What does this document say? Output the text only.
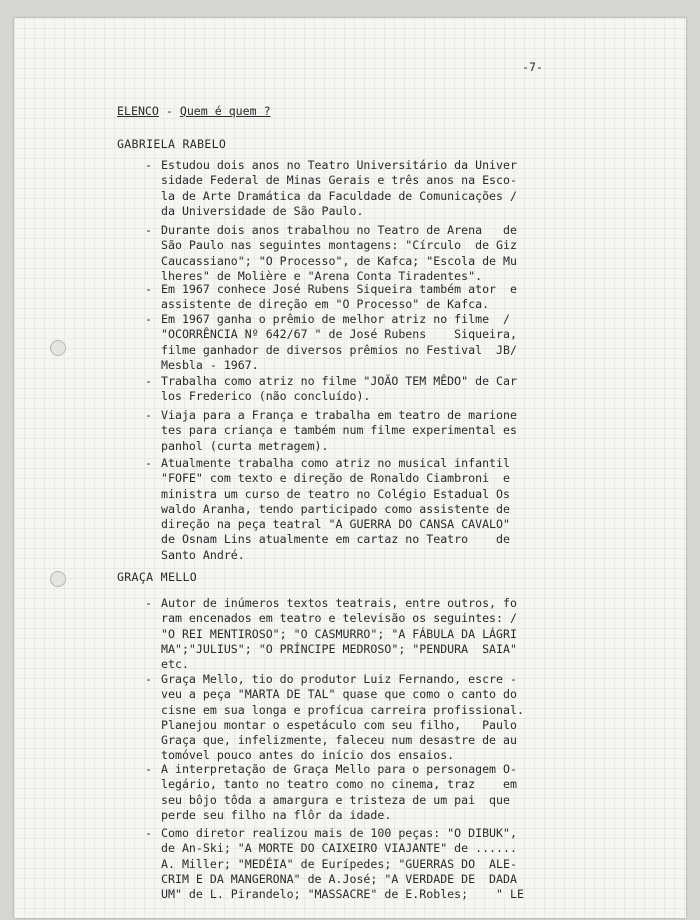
-7-
ELENCO - Quem é quem ?
GABRIELA RABELO

-

Estudou dois anos no Teatro Universitário da Univer
sidade Federal de Minas Gerais e três anos na Esco-
la de Arte Dramática da Faculdade de Comunicações /
da Universidade de São Paulo.

-

Durante dois anos trabalhou no Teatro de Arena   de
São Paulo nas seguintes montagens: "Círculo  de Giz
Caucassiano"; "O Processo", de Kafca; "Escola de Mu
lheres" de Molière e "Arena Conta Tiradentes".

-

Em 1967 conhece José Rubens Siqueira também ator  e
assistente de direção em "O Processo" de Kafca.

-

Em 1967 ganha o prêmio de melhor atriz no filme  /
"OCORRÊNCIA Nº 642/67 " de José Rubens    Siqueira,
filme ganhador de diversos prêmios no Festival  JB/
Mesbla - 1967.

-

Trabalha como atriz no filme "JOÃO TEM MÊDO" de Car
los Frederico (não concluído).

-

Viaja para a França e trabalha em teatro de marione
tes para criança e também num filme experimental es
panhol (curta metragem).

-

Atualmente trabalha como atriz no musical infantil
"FOFE" com texto e direção de Ronaldo Ciambroni  e
ministra um curso de teatro no Colégio Estadual Os
waldo Aranha, tendo participado como assistente de
direção na peça teatral "A GUERRA DO CANSA CAVALO"
de Osnam Lins atualmente em cartaz no Teatro    de
Santo André.

GRAÇA MELLO

-

Autor de inúmeros textos teatrais, entre outros, fo
ram encenados em teatro e televisão os seguintes: /
"O REI MENTIROSO"; "O CASMURRO"; "A FÁBULA DA LÁGRI
MA";"JULIUS"; "O PRÍNCIPE MEDROSO"; "PENDURA  SAIA"
etc.

-

Graça Mello, tio do produtor Luiz Fernando, escre -
veu a peça "MARTA DE TAL" quase que como o canto do
cisne em sua longa e profícua carreira profissional.
Planejou montar o espetáculo com seu filho,   Paulo
Graça que, infelizmente, faleceu num desastre de au
tomóvel pouco antes do início dos ensaios.

-

A interpretação de Graça Mello para o personagem O-
legário, tanto no teatro como no cinema, traz    em
seu bôjo tôda a amargura e tristeza de um pai  que
perde seu filho na flôr da idade.

-

Como diretor realizou mais de 100 peças: "O DIBUK",
de An-Ski; "A MORTE DO CAIXEIRO VIAJANTE" de ......
A. Miller; "MEDÉIA" de Eurípedes; "GUERRAS DO  ALE-
CRIM E DA MANGERONA" de A.José; "A VERDADE DE  DADA
UM" de L. Pirandelo; "MASSACRE" de E.Robles;    " LE
